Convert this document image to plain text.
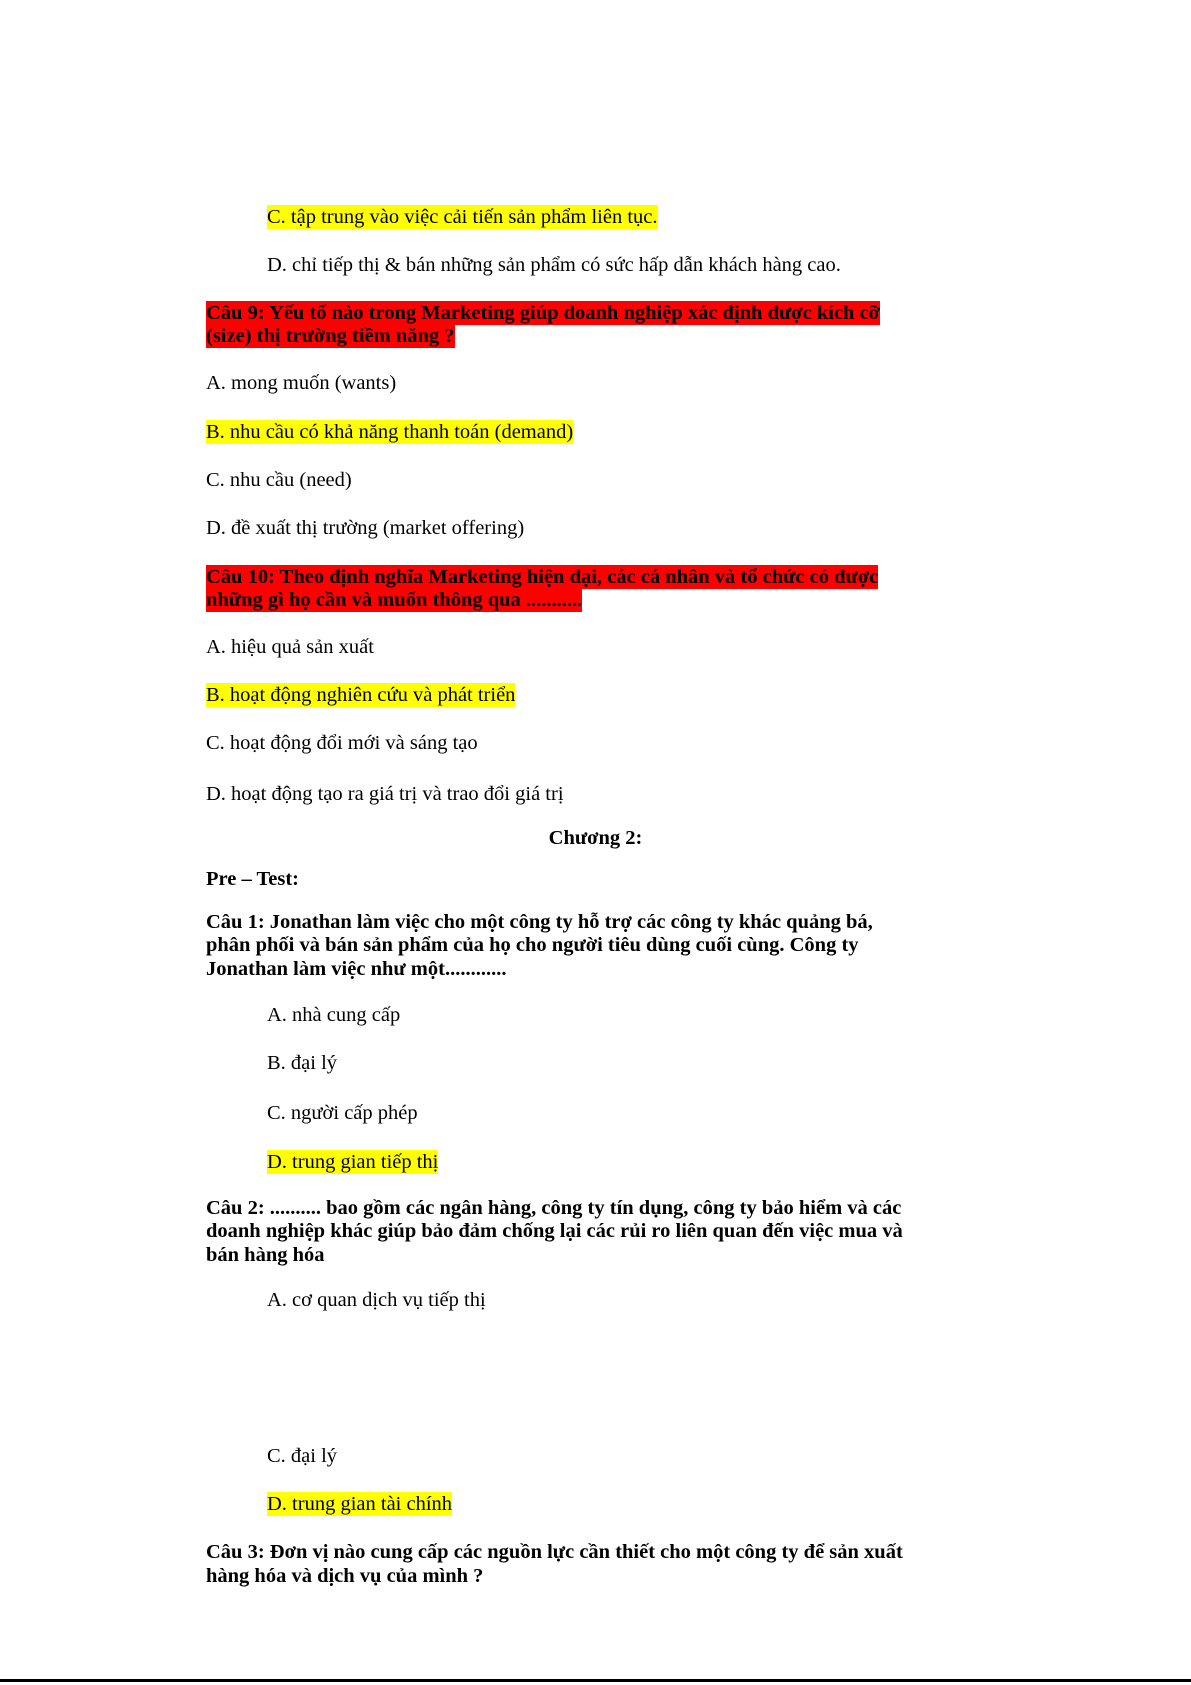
C. tập trung vào việc cải tiến sản phẩm liên tục.
D. chỉ tiếp thị & bán những sản phẩm có sức hấp dẫn khách hàng cao.
Câu 9: Yếu tố nào trong Marketing giúp doanh nghiệp xác định được kích cỡ
(size) thị trường tiềm năng ?
A. mong muốn (wants)
B. nhu cầu có khả năng thanh toán (demand)
C. nhu cầu (need)
D. đề xuất thị trường (market offering)
Câu 10: Theo định nghĩa Marketing hiện đại, các cá nhân và tổ chức có được
những gì họ cần và muốn thông qua ...........
A. hiệu quả sản xuất
B. hoạt động nghiên cứu và phát triển
C. hoạt động đổi mới và sáng tạo
D. hoạt động tạo ra giá trị và trao đổi giá trị
Chương 2:
Pre – Test:
Câu 1: Jonathan làm việc cho một công ty hỗ trợ các công ty khác quảng bá,
phân phối và bán sản phẩm của họ cho người tiêu dùng cuối cùng. Công ty
Jonathan làm việc như một............
A. nhà cung cấp
B. đại lý
C. người cấp phép
D. trung gian tiếp thị
Câu 2: .......... bao gồm các ngân hàng, công ty tín dụng, công ty bảo hiểm và các
doanh nghiệp khác giúp bảo đảm chống lại các rủi ro liên quan đến việc mua và
bán hàng hóa
A. cơ quan dịch vụ tiếp thị
C. đại lý
D. trung gian tài chính
Câu 3: Đơn vị nào cung cấp các nguồn lực cần thiết cho một công ty để sản xuất
hàng hóa và dịch vụ của mình ?
